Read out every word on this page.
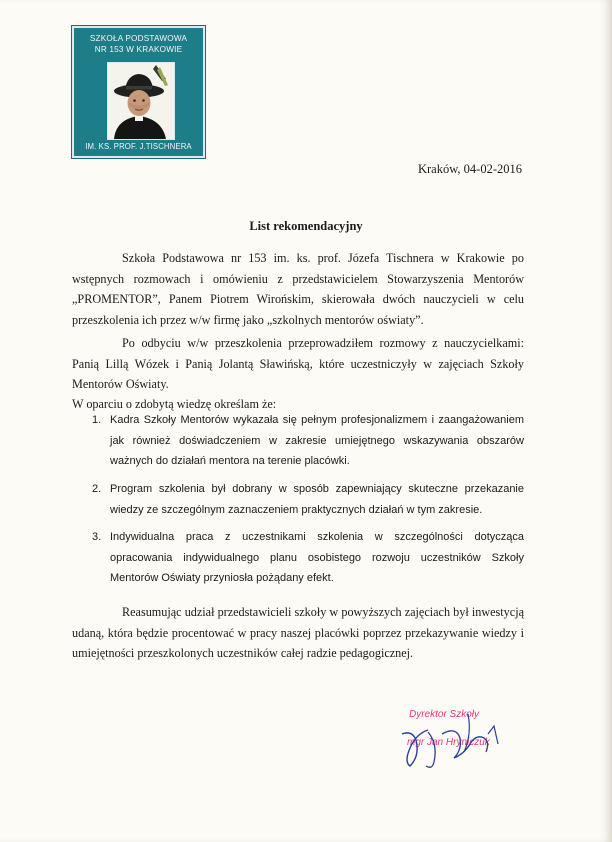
SZKOŁA PODSTAWOWA
NR 153 W KRAKOWIE
IM. KS. PROF. J.TISCHNERA
Kraków, 04-02-2016
List rekomendacyjny

Szkoła Podstawowa nr 153 im. ks. prof. Józefa Tischnera w Krakowie po wstępnych rozmowach i omówieniu z przedstawicielem Stowarzyszenia Mentorów „PROMENTOR”, Panem Piotrem Wirońskim, skierowała dwóch nauczycieli w celu przeszkolenia ich przez w/w firmę jako „szkolnych mentorów oświaty”.

Po odbyciu w/w przeszkolenia przeprowadziłem rozmowy z nauczycielkami: Panią Lillą Wózek i Panią Jolantą Sławińską, które uczestniczyły w zajęciach Szkoły Mentorów Oświaty.

W oparciu o zdobytą wiedzę określam że:

1. Kadra Szkoły Mentorów wykazała się pełnym profesjonalizmem i zaangażowaniem jak również doświadczeniem w zakresie umiejętnego wskazywania obszarów ważnych do działań mentora na terenie placówki.
2. Program szkolenia był dobrany w sposób zapewniający skuteczne przekazanie wiedzy ze szczególnym zaznaczeniem praktycznych działań w tym zakresie.
3. Indywidualna praca z uczestnikami szkolenia w szczególności dotycząca opracowania indywidualnego planu osobistego rozwoju uczestników Szkoły Mentorów Oświaty przyniosła pożądany efekt.

Reasumując udział przedstawicieli szkoły w powyższych zajęciach był inwestycją udaną, która będzie procentować w pracy naszej placówki poprzez przekazywanie wiedzy i umiejętności przeszkolonych uczestników całej radzie pedagogicznej.

Dyrektor Szkoły
mgr Jan Hryniczuk
